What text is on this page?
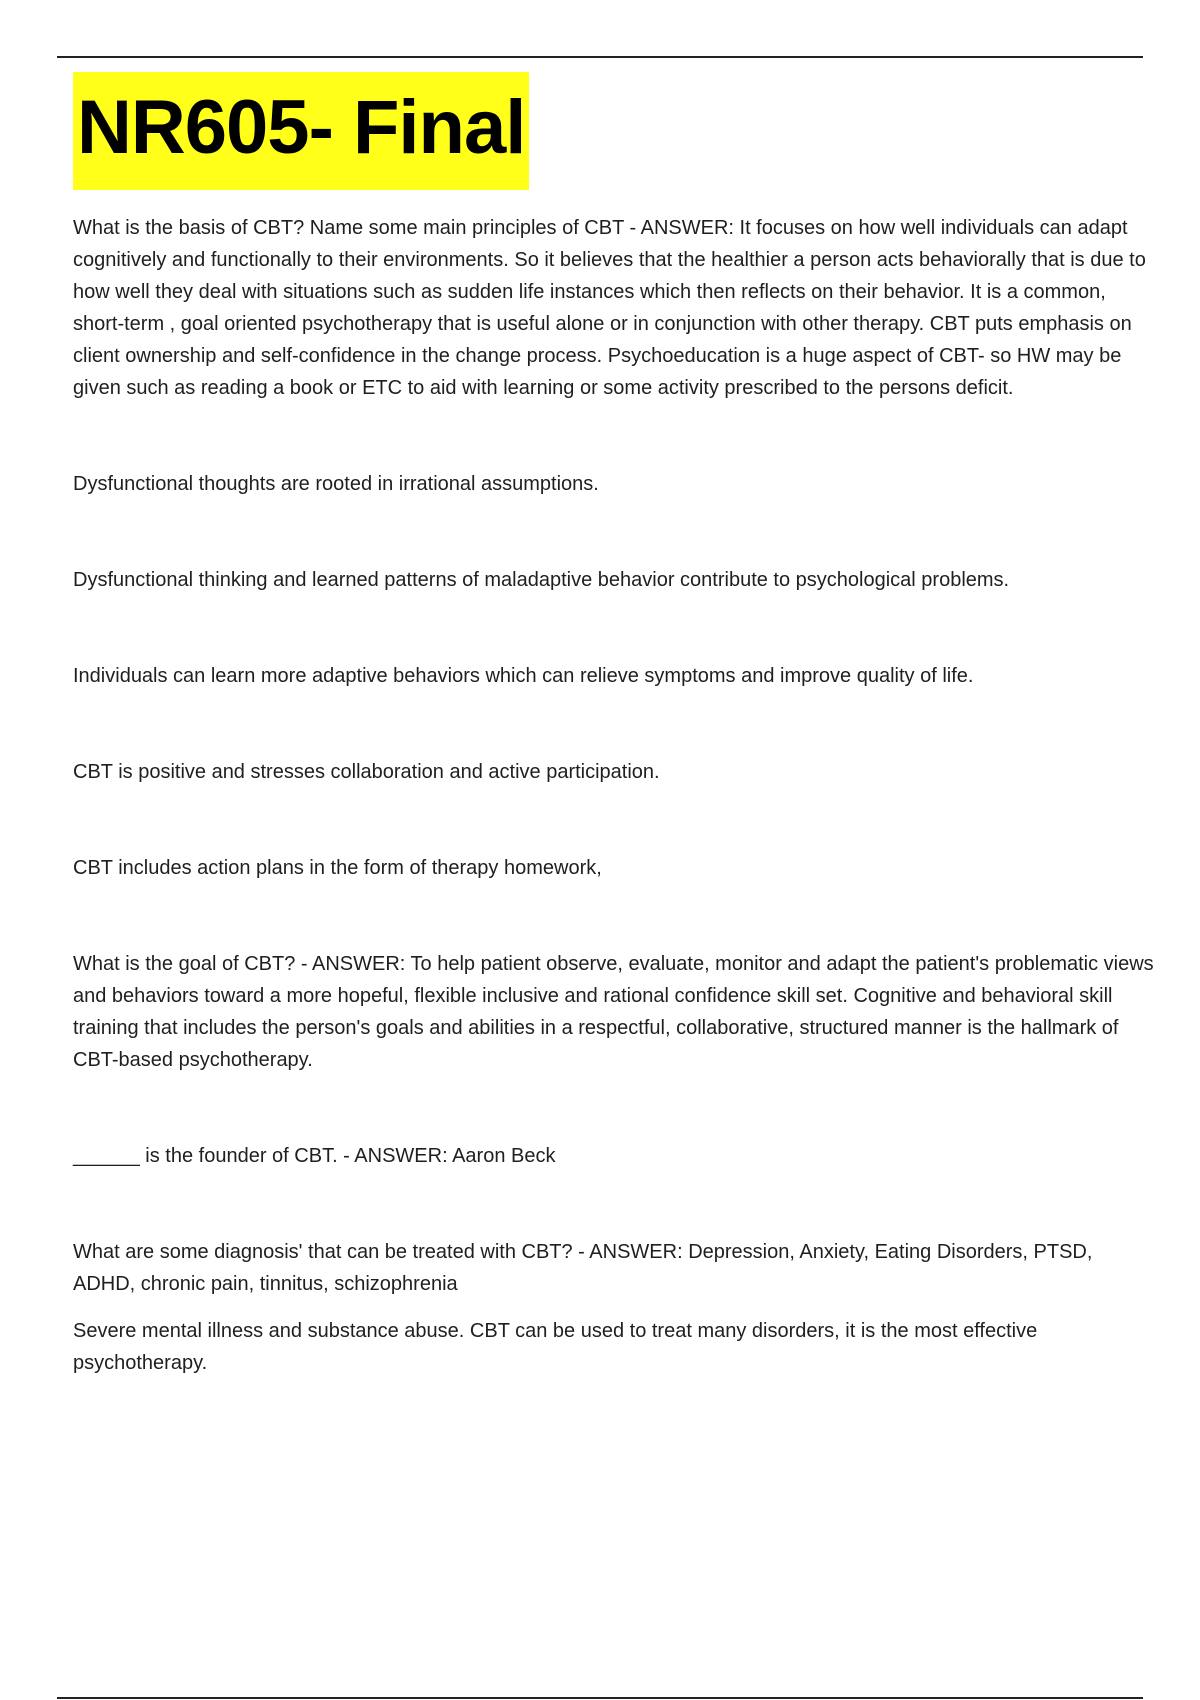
NR605- Final

What is the basis of CBT? Name some main principles of CBT - ANSWER: It focuses on how well individuals can adapt cognitively and functionally to their environments. So it believes that the healthier a person acts behaviorally that is due to how well they deal with situations such as sudden life instances which then reflects on their behavior. It is a common, short-term , goal oriented psychotherapy that is useful alone or in conjunction with other therapy. CBT puts emphasis on client ownership and self-confidence in the change process. Psychoeducation is a huge aspect of CBT- so HW may be given such as reading a book or ETC to aid with learning or some activity prescribed to the persons deficit.

Dysfunctional thoughts are rooted in irrational assumptions.

Dysfunctional thinking and learned patterns of maladaptive behavior contribute to psychological problems.

Individuals can learn more adaptive behaviors which can relieve symptoms and improve quality of life.

CBT is positive and stresses collaboration and active participation.

CBT includes action plans in the form of therapy homework,

What is the goal of CBT? - ANSWER: To help patient observe, evaluate, monitor and adapt the patient's problematic views and behaviors toward a more hopeful, flexible inclusive and rational confidence skill set. Cognitive and behavioral skill training that includes the person's goals and abilities in a respectful, collaborative, structured manner is the hallmark of CBT-based psychotherapy.

______ is the founder of CBT. - ANSWER: Aaron Beck

What are some diagnosis' that can be treated with CBT? - ANSWER: Depression, Anxiety, Eating Disorders, PTSD, ADHD, chronic pain, tinnitus, schizophrenia

Severe mental illness and substance abuse. CBT can be used to treat many disorders, it is the most effective psychotherapy.
